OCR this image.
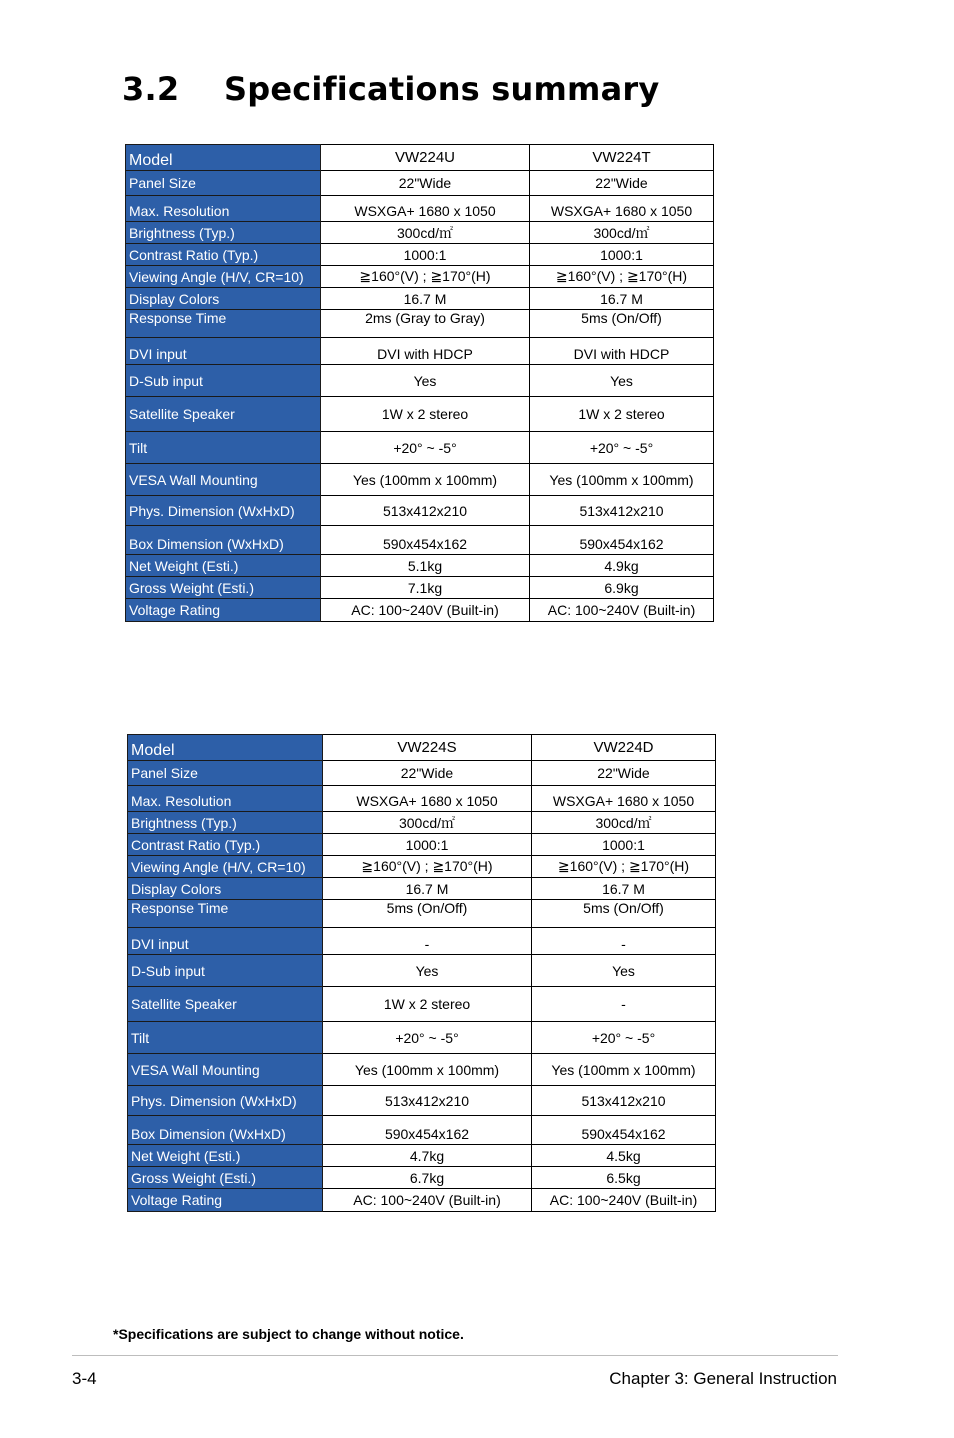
3.2 Specifications summary
Model	VW224U	VW224T
Panel Size	22"Wide	22"Wide
Max. Resolution	WSXGA+ 1680 x 1050	WSXGA+ 1680 x 1050
Brightness (Typ.)	300cd/㎡	300cd/㎡
Contrast Ratio (Typ.)	1000:1	1000:1
Viewing Angle (H/V, CR=10)	≧160°(V) ; ≧170°(H)	≧160°(V) ; ≧170°(H)
Display Colors	16.7 M	16.7 M
Response Time	2ms (Gray to Gray)	5ms (On/Off)
DVI input	DVI with HDCP	DVI with HDCP
D-Sub input	Yes	Yes
Satellite Speaker	1W x 2 stereo	1W x 2 stereo
Tilt	+20° ~ -5°	+20° ~ -5°
VESA Wall Mounting	Yes (100mm x 100mm)	Yes (100mm x 100mm)
Phys. Dimension (WxHxD)	513x412x210	513x412x210
Box Dimension (WxHxD)	590x454x162	590x454x162
Net Weight (Esti.)	5.1kg	4.9kg
Gross Weight (Esti.)	7.1kg	6.9kg
Voltage Rating	AC: 100~240V (Built-in)	AC: 100~240V (Built-in)
Model	VW224S	VW224D
Panel Size	22"Wide	22"Wide
Max. Resolution	WSXGA+ 1680 x 1050	WSXGA+ 1680 x 1050
Brightness (Typ.)	300cd/㎡	300cd/㎡
Contrast Ratio (Typ.)	1000:1	1000:1
Viewing Angle (H/V, CR=10)	≧160°(V) ; ≧170°(H)	≧160°(V) ; ≧170°(H)
Display Colors	16.7 M	16.7 M
Response Time	5ms (On/Off)	5ms (On/Off)
DVI input	-	-
D-Sub input	Yes	Yes
Satellite Speaker	1W x 2 stereo	-
Tilt	+20° ~ -5°	+20° ~ -5°
VESA Wall Mounting	Yes (100mm x 100mm)	Yes (100mm x 100mm)
Phys. Dimension (WxHxD)	513x412x210	513x412x210
Box Dimension (WxHxD)	590x454x162	590x454x162
Net Weight (Esti.)	4.7kg	4.5kg
Gross Weight (Esti.)	6.7kg	6.5kg
Voltage Rating	AC: 100~240V (Built-in)	AC: 100~240V (Built-in)
*Specifications are subject to change without notice.
3-4	Chapter 3: General Instruction
